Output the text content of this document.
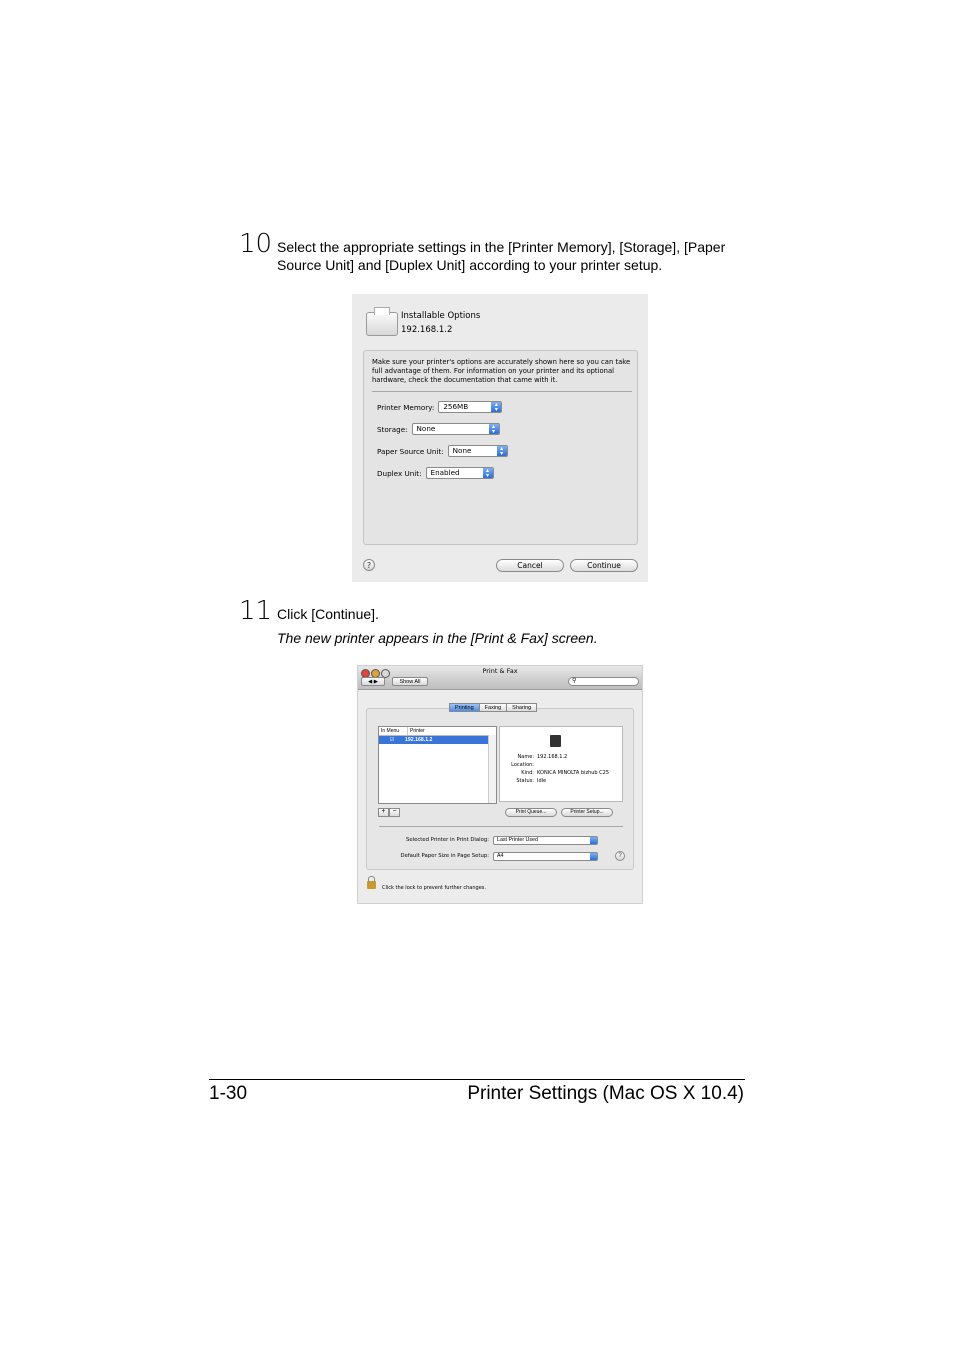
10 Select the appropriate settings in the [Printer Memory], [Storage], [Paper
Source Unit] and [Duplex Unit] according to your printer setup.
Installable Options
192.168.1.2
Make sure your printer's options are accurately shown here so you can take
full advantage of them. For information on your printer and its optional
hardware, check the documentation that came with it.
Printer Memory:	256MB	▴
▾
Storage:	None	▴
▾
Paper Source Unit:	None	▴
▾
Duplex Unit:	Enabled	▴
▾
?	Cancel	Continue
11 Click [Continue].
The new printer appears in the [Print & Fax] screen.
Print & Fax
◀ ▶	Show All	⚲
In Menu	Printer
☑	192.168.1.2
Name: 192.168.1.2
Location:
Kind: KONICA MINOLTA bizhub C25
Status: Idle
+ −	Print Queue...	Printer Setup...
Selected Printer in Print Dialog:	Last Printer Used
Default Paper Size in Page Setup:	A4	?
Printing	Faxing	Sharing
Click the lock to prevent further changes.
1-30	Printer Settings (Mac OS X 10.4)
